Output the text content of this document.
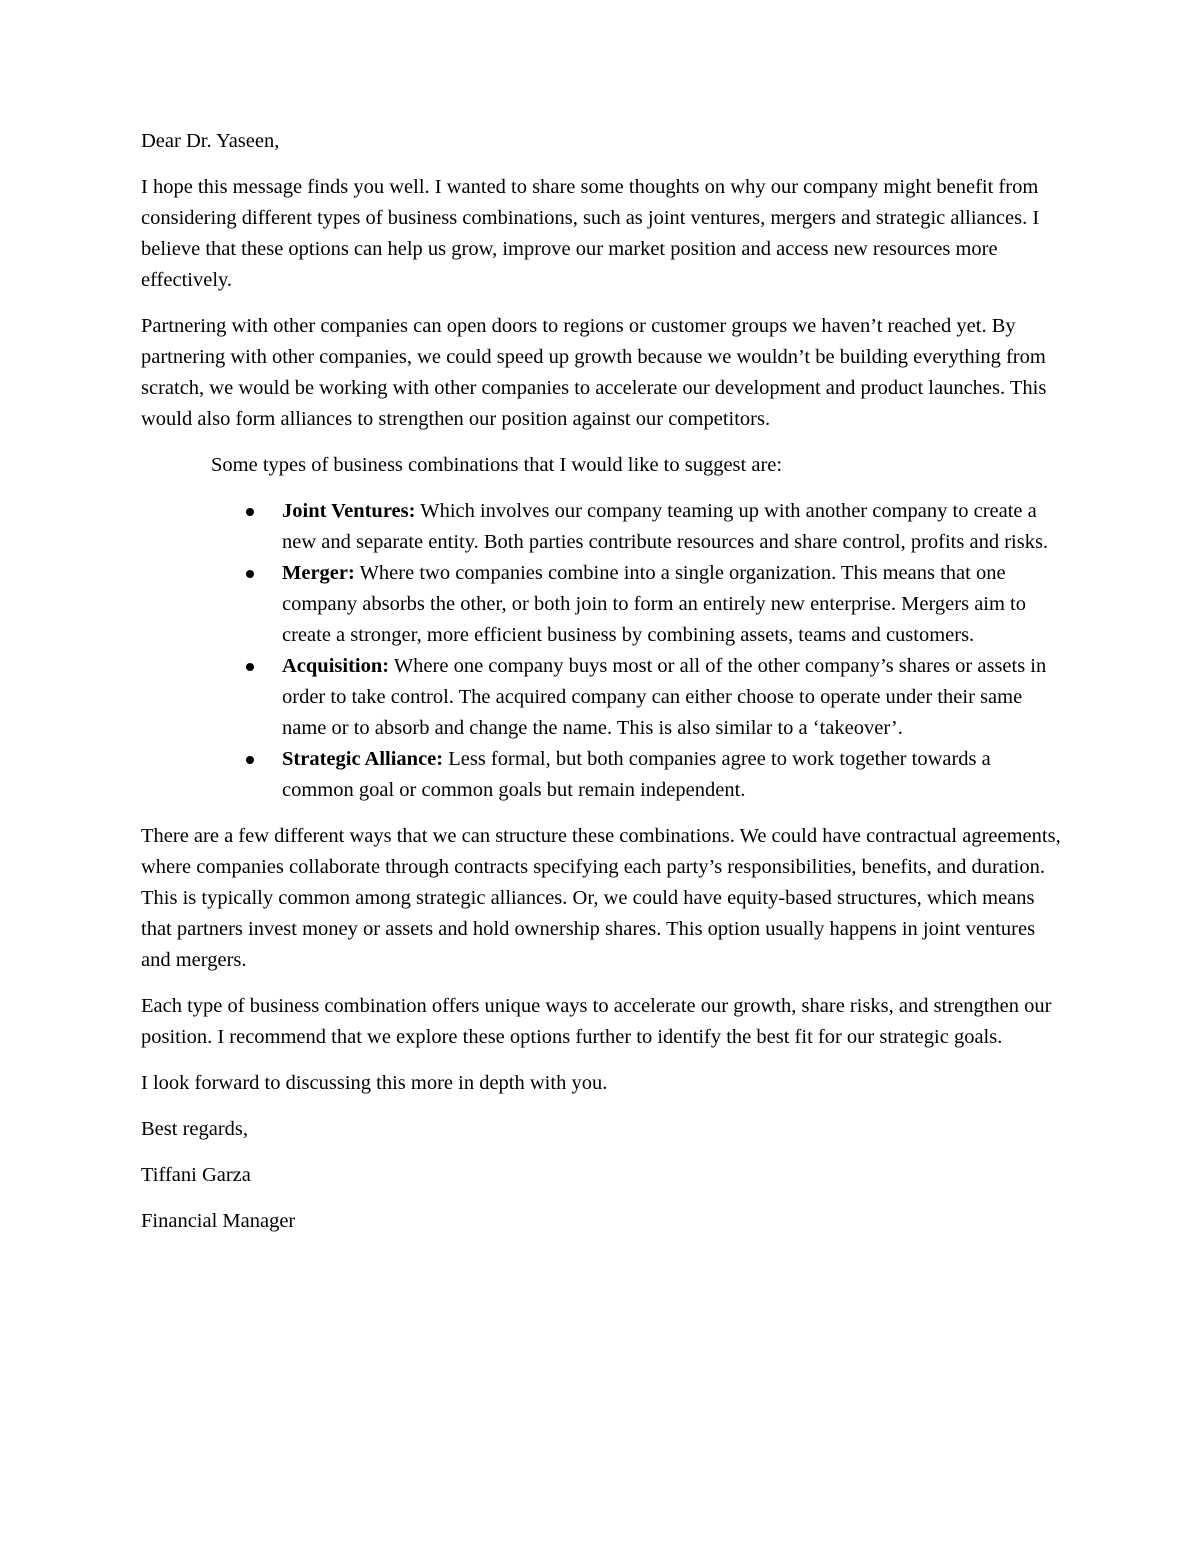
Dear Dr. Yaseen,

I hope this message finds you well. I wanted to share some thoughts on why our company might benefit from considering different types of business combinations, such as joint ventures, mergers and strategic alliances. I believe that these options can help us grow, improve our market position and access new resources more effectively.

Partnering with other companies can open doors to regions or customer groups we haven’t reached yet. By partnering with other companies, we could speed up growth because we wouldn’t be building everything from scratch, we would be working with other companies to accelerate our development and product launches. This would also form alliances to strengthen our position against our competitors.

Some types of business combinations that I would like to suggest are:

Joint Ventures: Which involves our company teaming up with another company to create a new and separate entity. Both parties contribute resources and share control, profits and risks.
Merger: Where two companies combine into a single organization. This means that one company absorbs the other, or both join to form an entirely new enterprise. Mergers aim to create a stronger, more efficient business by combining assets, teams and customers.
Acquisition: Where one company buys most or all of the other company’s shares or assets in order to take control. The acquired company can either choose to operate under their same name or to absorb and change the name. This is also similar to a ‘takeover’.
Strategic Alliance: Less formal, but both companies agree to work together towards a common goal or common goals but remain independent.

There are a few different ways that we can structure these combinations. We could have contractual agreements, where companies collaborate through contracts specifying each party’s responsibilities, benefits, and duration. This is typically common among strategic alliances. Or, we could have equity-based structures, which means that partners invest money or assets and hold ownership shares. This option usually happens in joint ventures and mergers.

Each type of business combination offers unique ways to accelerate our growth, share risks, and strengthen our position. I recommend that we explore these options further to identify the best fit for our strategic goals.

I look forward to discussing this more in depth with you.

Best regards,

Tiffani Garza

Financial Manager
